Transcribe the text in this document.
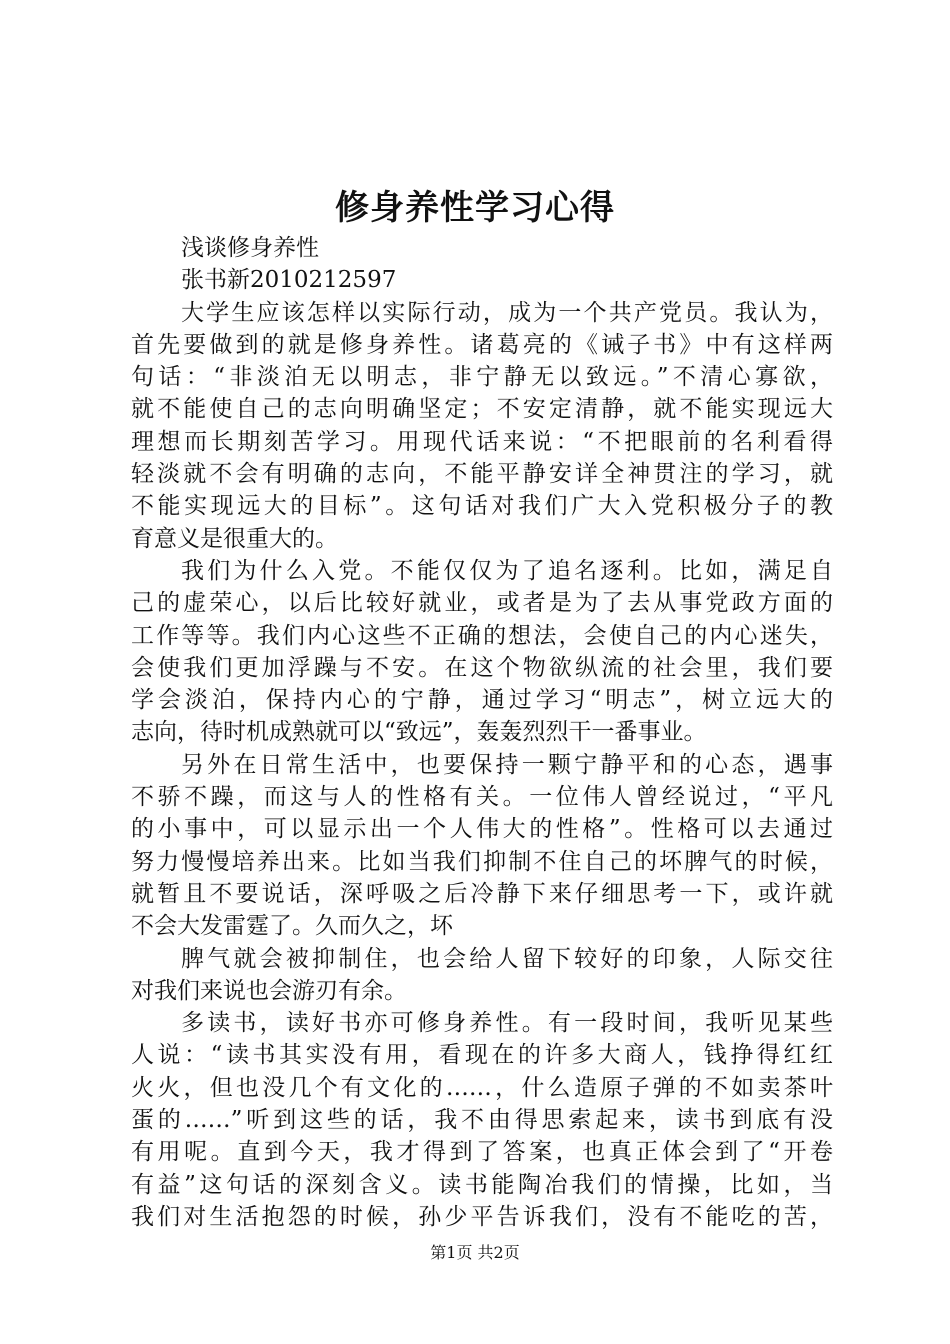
修身养性学习心得
浅谈修身养性
张书新2010212597
大学生应该怎样以实际行动，成为一个共产党员。我认为，
首先要做到的就是修身养性。诸葛亮的《诫子书》中有这样两
句话：“非淡泊无以明志，非宁静无以致远。”不清心寡欲，
就不能使自己的志向明确坚定；不安定清静，就不能实现远大
理想而长期刻苦学习。用现代话来说：“不把眼前的名利看得
轻淡就不会有明确的志向，不能平静安详全神贯注的学习，就
不能实现远大的目标”。这句话对我们广大入党积极分子的教
育意义是很重大的。
我们为什么入党。不能仅仅为了追名逐利。比如，满足自
己的虚荣心，以后比较好就业，或者是为了去从事党政方面的
工作等等。我们内心这些不正确的想法，会使自己的内心迷失，
会使我们更加浮躁与不安。在这个物欲纵流的社会里，我们要
学会淡泊，保持内心的宁静，通过学习“明志”，树立远大的
志向，待时机成熟就可以“致远”，轰轰烈烈干一番事业。
另外在日常生活中，也要保持一颗宁静平和的心态，遇事
不骄不躁，而这与人的性格有关。一位伟人曾经说过，“平凡
的小事中，可以显示出一个人伟大的性格”。性格可以去通过
努力慢慢培养出来。比如当我们抑制不住自己的坏脾气的时候，
就暂且不要说话，深呼吸之后冷静下来仔细思考一下，或许就
不会大发雷霆了。久而久之，坏
脾气就会被抑制住，也会给人留下较好的印象，人际交往
对我们来说也会游刃有余。
多读书，读好书亦可修身养性。有一段时间，我听见某些
人说：“读书其实没有用，看现在的许多大商人，钱挣得红红
火火，但也没几个有文化的……，什么造原子弹的不如卖茶叶
蛋的……”听到这些的话，我不由得思索起来，读书到底有没
有用呢。直到今天，我才得到了答案，也真正体会到了“开卷
有益”这句话的深刻含义。读书能陶冶我们的情操，比如，当
我们对生活抱怨的时候，孙少平告诉我们，没有不能吃的苦，
第1页 共2页
